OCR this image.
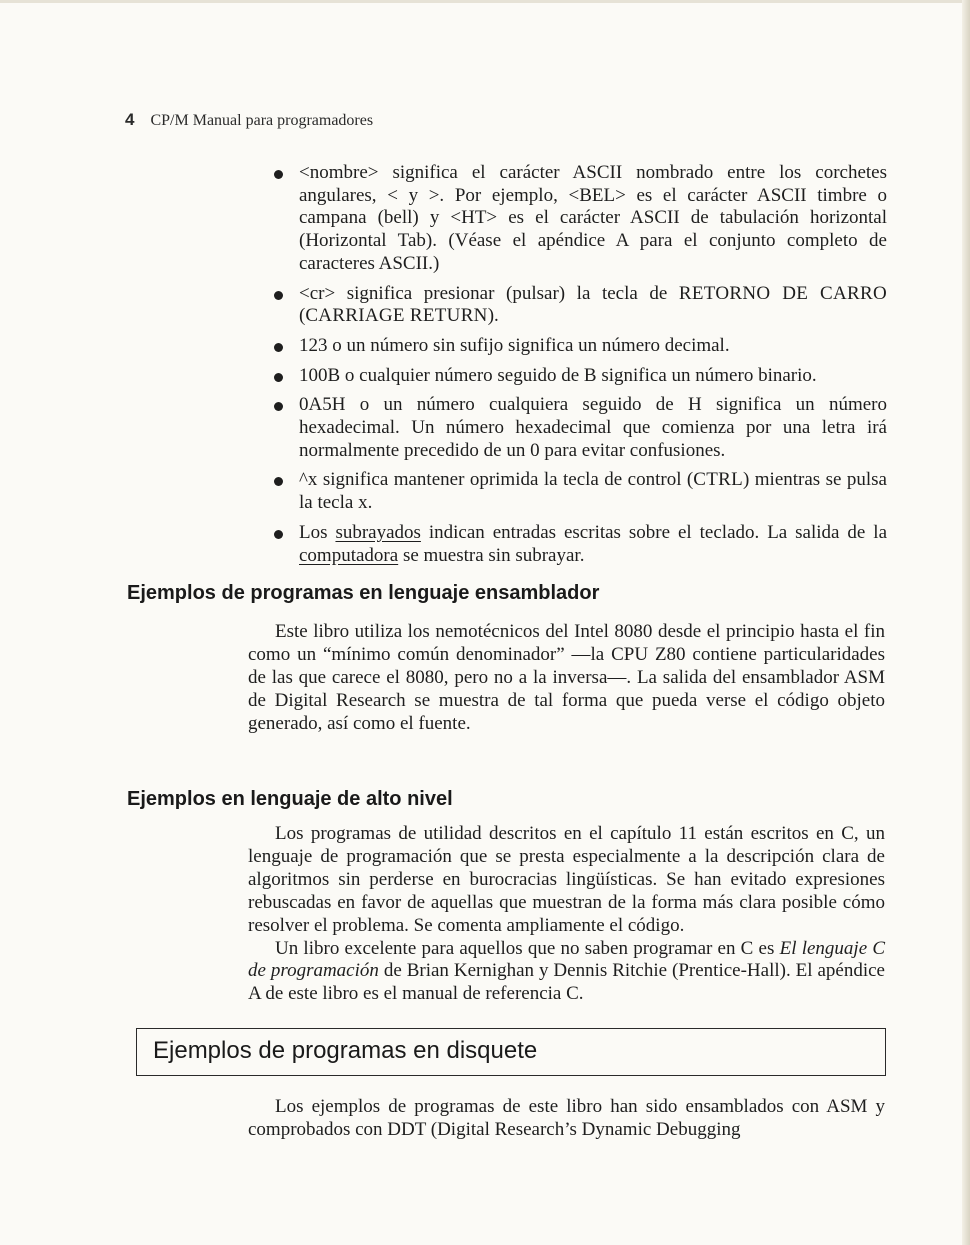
4 CP/M Manual para programadores
<nombre> significa el carácter ASCII nombrado entre los corchetes angulares, < y >. Por ejemplo, <BEL> es el carácter ASCII timbre o campana (bell) y <HT> es el carácter ASCII de tabulación horizontal (Horizontal Tab). (Véase el apéndice A para el conjunto completo de caracteres ASCII.)
<cr> significa presionar (pulsar) la tecla de RETORNO DE CARRO (CARRIAGE RETURN).
123 o un número sin sufijo significa un número decimal.
100B o cualquier número seguido de B significa un número binario.
0A5H o un número cualquiera seguido de H significa un número hexadecimal. Un número hexadecimal que comienza por una letra irá normalmente precedido de un 0 para evitar confusiones.
^x significa mantener oprimida la tecla de control (CTRL) mientras se pulsa la tecla x.
Los subrayados indican entradas escritas sobre el teclado. La salida de la computadora se muestra sin subrayar.
Ejemplos de programas en lenguaje ensamblador

Este libro utiliza los nemotécnicos del Intel 8080 desde el principio hasta el fin como un “mínimo común denominador” —la CPU Z80 contiene particularidades de las que carece el 8080, pero no a la inversa—. La salida del ensamblador ASM de Digital Research se muestra de tal forma que pueda verse el código objeto generado, así como el fuente.

Ejemplos en lenguaje de alto nivel

Los programas de utilidad descritos en el capítulo 11 están escritos en C, un lenguaje de programación que se presta especialmente a la descripción clara de algoritmos sin perderse en burocracias lingüísticas. Se han evitado expresiones rebuscadas en favor de aquellas que muestran de la forma más clara posible cómo resolver el problema. Se comenta ampliamente el código.

Un libro excelente para aquellos que no saben programar en C es El lenguaje C de programación de Brian Kernighan y Dennis Ritchie (Prentice-Hall). El apéndice A de este libro es el manual de referencia C.

Ejemplos de programas en disquete

Los ejemplos de programas de este libro han sido ensamblados con ASM y comprobados con DDT (Digital Research’s Dynamic Debugging
